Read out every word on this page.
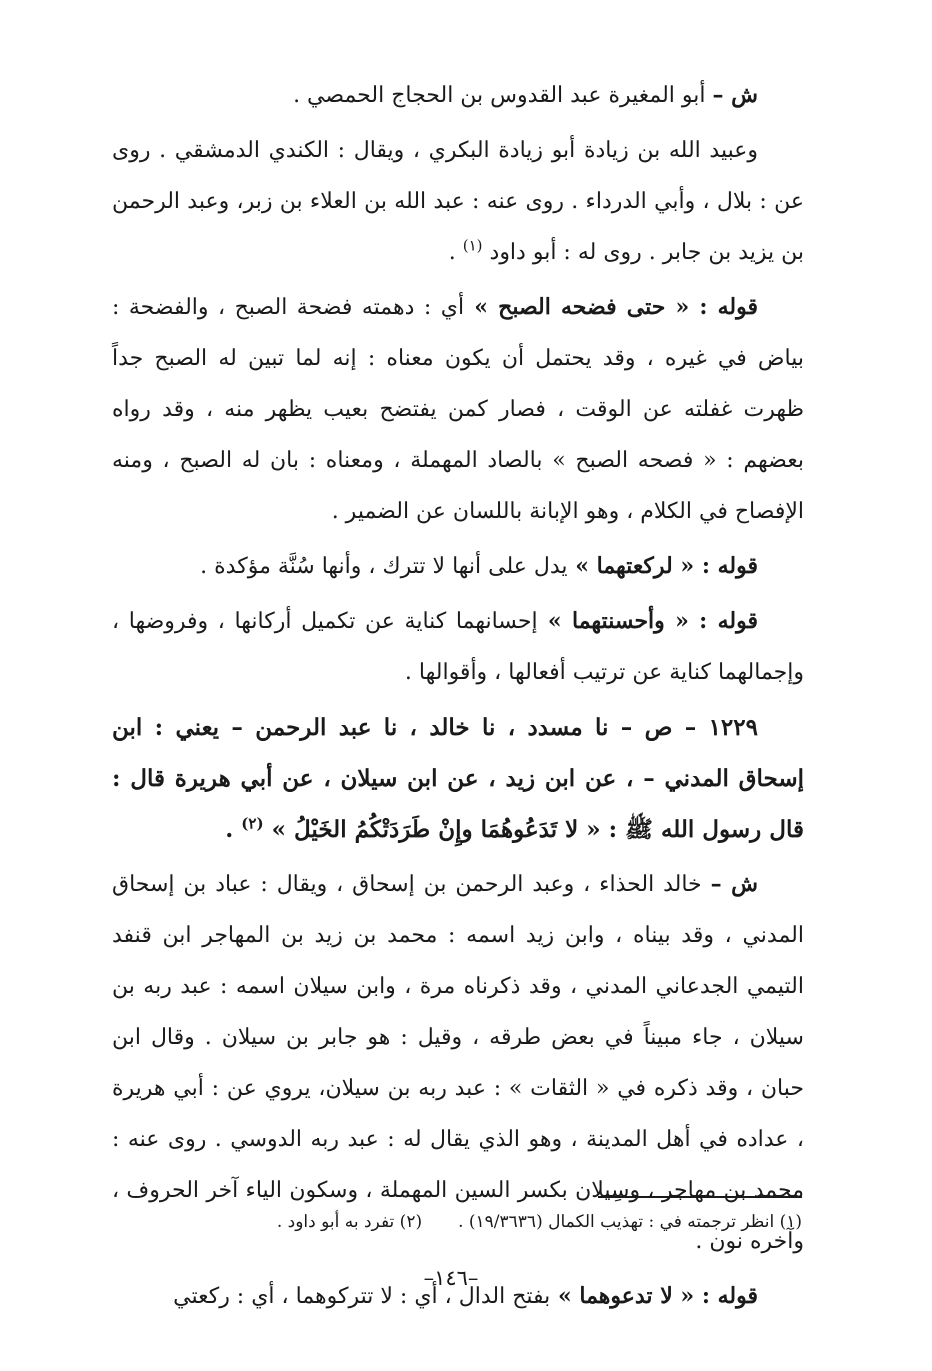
ش – أبو المغيرة عبد القدوس بن الحجاج الحمصي .

وعبيد الله بن زيادة أبو زيادة البكري ، ويقال : الكندي الدمشقي . روى عن : بلال ، وأبي الدرداء . روى عنه : عبد الله بن العلاء بن زبر، وعبد الرحمن بن يزيد بن جابر . روى له : أبو داود $^{(١)}$ .

قوله : « حتى فضحه الصبح » أي : دهمته فضحة الصبح ، والفضحة : بياض في غيره ، وقد يحتمل أن يكون معناه : إنه لما تبين له الصبح جداً ظهرت غفلته عن الوقت ، فصار كمن يفتضح بعيب يظهر منه ، وقد رواه بعضهم : « فصحه الصبح » بالصاد المهملة ، ومعناه : بان له الصبح ، ومنه الإفصاح في الكلام ، وهو الإبانة باللسان عن الضمير .

قوله : « لركعتهما » يدل على أنها لا تترك ، وأنها سُنَّة مؤكدة .

قوله : « وأحسنتهما » إحسانهما كناية عن تكميل أركانها ، وفروضها ، وإجمالهما كناية عن ترتيب أفعالها ، وأقوالها .

١٢٢٩ – ص – نا مسدد ، نا خالد ، نا عبد الرحمن – يعني : ابن إسحاق المدني – ، عن ابن زيد ، عن ابن سيلان ، عن أبي هريرة قال : قال رسول الله ﷺ : « لا تَدَعُوهُمَا وإِنْ طَرَدَتْكُمُ الخَيْلُ » $^{(٢)}$ .

ش – خالد الحذاء ، وعبد الرحمن بن إسحاق ، ويقال : عباد بن إسحاق المدني ، وقد بيناه ، وابن زيد اسمه : محمد بن زيد بن المهاجر ابن قنفد التيمي الجدعاني المدني ، وقد ذكرناه مرة ، وابن سيلان اسمه : عبد ربه بن سيلان ، جاء مبيناً في بعض طرقه ، وقيل : هو جابر بن سيلان . وقال ابن حبان ، وقد ذكره في « الثقات » : عبد ربه بن سيلان، يروي عن : أبي هريرة ، عداده في أهل المدينة ، وهو الذي يقال له : عبد ربه الدوسي . روى عنه : محمد بن مهاجر ، وسِيلان بكسر السين المهملة ، وسكون الياء آخر الحروف ، وآخره نون .

قوله : « لا تدعوهما » بفتح الدال ، أي : لا تتركوهما ، أي : ركعتي

(١) انظر ترجمته في : تهذيب الكمال (١٩/٣٦٣٦) .
(٢) تفرد به أبو داود .
–١٤٦–
